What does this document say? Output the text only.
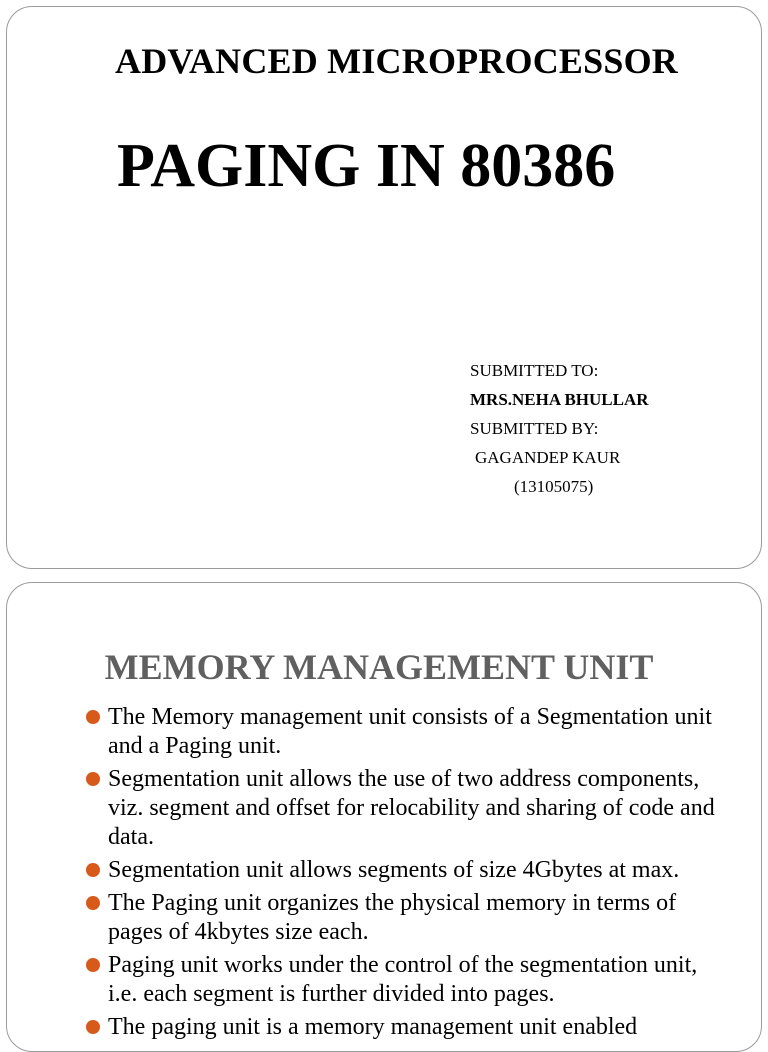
ADVANCED MICROPROCESSOR
PAGING IN 80386
SUBMITTED TO:
MRS.NEHA BHULLAR
SUBMITTED BY:
GAGANDEP KAUR
(13105075)
MEMORY MANAGEMENT UNIT
The Memory management unit consists of a Segmentation unit and a Paging unit.
Segmentation unit allows the use of two address components, viz. segment and offset for relocability and sharing of code and data.
Segmentation unit allows segments of size 4Gbytes at max.
The Paging unit organizes the physical memory in terms of pages of 4kbytes size each.
Paging unit works under the control of the segmentation unit, i.e. each segment is further divided into pages.
The paging unit is a memory management unit enabled
